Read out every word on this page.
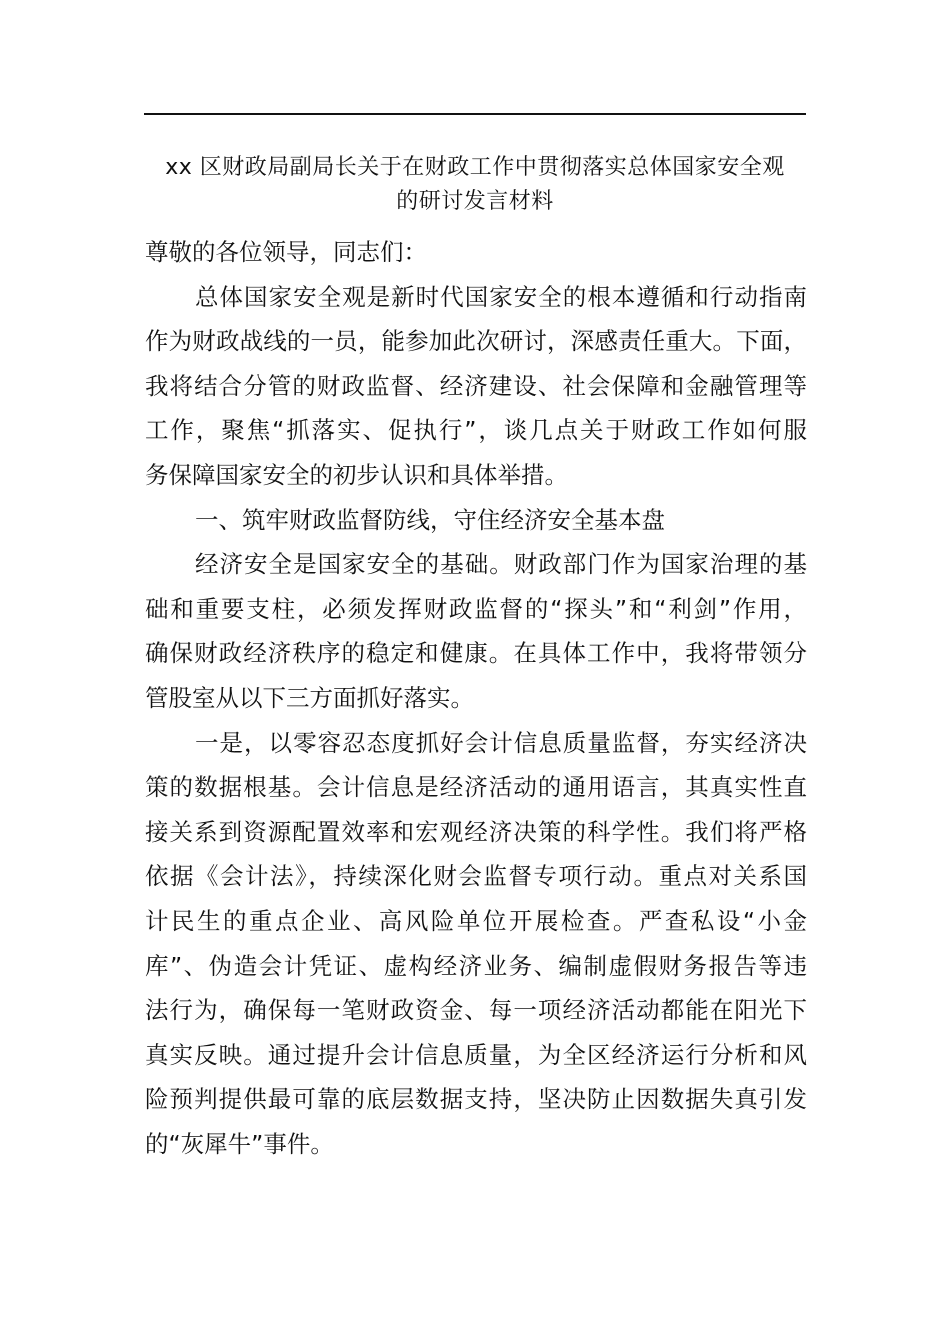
xx 区财政局副局长关于在财政工作中贯彻落实总体国家安全观
的研讨发言材料
尊敬的各位领导，同志们：
总体国家安全观是新时代国家安全的根本遵循和行动指南
作为财政战线的一员，能参加此次研讨，深感责任重大。下面，
我将结合分管的财政监督、经济建设、社会保障和金融管理等
工作，聚焦“抓落实、促执行”，谈几点关于财政工作如何服
务保障国家安全的初步认识和具体举措。
一、筑牢财政监督防线，守住经济安全基本盘
经济安全是国家安全的基础。财政部门作为国家治理的基
础和重要支柱，必须发挥财政监督的“探头”和“利剑”作用，
确保财政经济秩序的稳定和健康。在具体工作中，我将带领分
管股室从以下三方面抓好落实。
一是，以零容忍态度抓好会计信息质量监督，夯实经济决
策的数据根基。会计信息是经济活动的通用语言，其真实性直
接关系到资源配置效率和宏观经济决策的科学性。我们将严格
依据《会计法》，持续深化财会监督专项行动。重点对关系国
计民生的重点企业、高风险单位开展检查。严查私设“小金
库”、伪造会计凭证、虚构经济业务、编制虚假财务报告等违
法行为，确保每一笔财政资金、每一项经济活动都能在阳光下
真实反映。通过提升会计信息质量，为全区经济运行分析和风
险预判提供最可靠的底层数据支持，坚决防止因数据失真引发
的“灰犀牛”事件。
